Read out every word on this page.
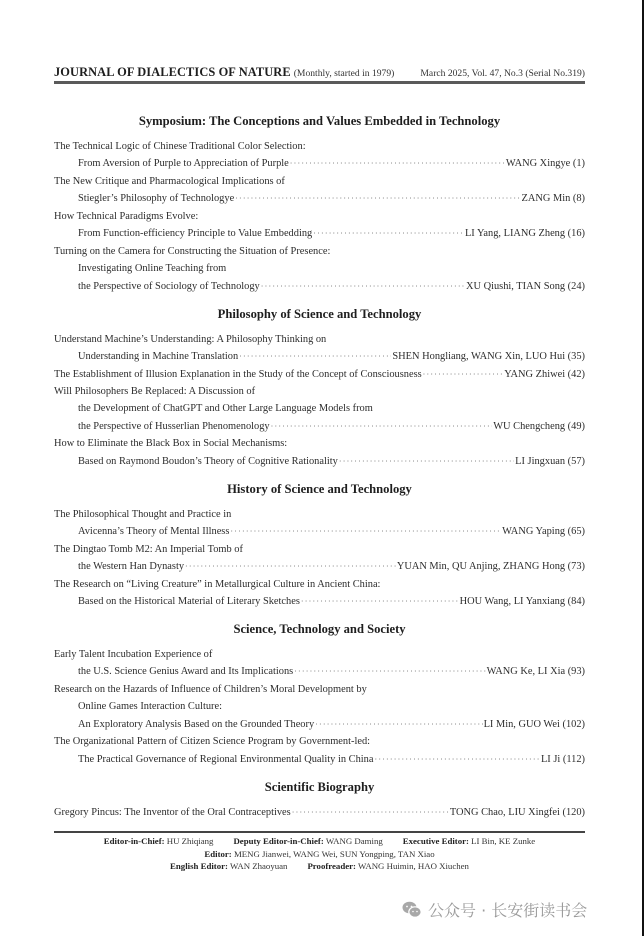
JOURNAL OF DIALECTICS OF NATURE (Monthly, started in 1979)	March 2025, Vol. 47, No.3 (Serial No.319)
Symposium: The Conceptions and Values Embedded in Technology
The Technical Logic of Chinese Traditional Color Selection:
From Aversion of Purple to Appreciation of Purple ·····	WANG Xingye (1)
The New Critique and Pharmacological Implications of
Stiegler’s Philosophy of Technologye ·····	ZANG Min (8)
How Technical Paradigms Evolve:
From Function-efficiency Principle to Value Embedding ·····	LI Yang, LIANG Zheng (16)
Turning on the Camera for Constructing the Situation of Presence:
Investigating Online Teaching from
the Perspective of Sociology of Technology ·····	XU Qiushi, TIAN Song (24)
Philosophy of Science and Technology
Understand Machine’s Understanding: A Philosophy Thinking on
Understanding in Machine Translation ·····	SHEN Hongliang, WANG Xin, LUO Hui (35)
The Establishment of Illusion Explanation in the Study of the Concept of Consciousness ·····	YANG Zhiwei (42)
Will Philosophers Be Replaced: A Discussion of
the Development of ChatGPT and Other Large Language Models from
the Perspective of Husserlian Phenomenology ·····	WU Chengcheng (49)
How to Eliminate the Black Box in Social Mechanisms:
Based on Raymond Boudon’s Theory of Cognitive Rationality ·····	LI Jingxuan (57)
History of Science and Technology
The Philosophical Thought and Practice in
Avicenna’s Theory of Mental Illness ·····	WANG Yaping (65)
The Dingtao Tomb M2: An Imperial Tomb of
the Western Han Dynasty ·····	YUAN Min, QU Anjing, ZHANG Hong (73)
The Research on “Living Creature” in Metallurgical Culture in Ancient China:
Based on the Historical Material of Literary Sketches ·····	HOU Wang, LI Yanxiang (84)
Science, Technology and Society
Early Talent Incubation Experience of
the U.S. Science Genius Award and Its Implications ·····	WANG Ke, LI Xia (93)
Research on the Hazards of Influence of Children’s Moral Development by
Online Games Interaction Culture:
An Exploratory Analysis Based on the Grounded Theory ·····	LI Min, GUO Wei (102)
The Organizational Pattern of Citizen Science Program by Government-led:
The Practical Governance of Regional Environmental Quality in China ·····	LI Ji (112)
Scientific Biography
Gregory Pincus: The Inventor of the Oral Contraceptives ·····	TONG Chao, LIU Xingfei (120)
Editor-in-Chief: HU Zhiqiang Deputy Editor-in-Chief: WANG Daming Executive Editor: LI Bin, KE Zunke
Editor: MENG Jianwei, WANG Wei, SUN Yongping, TAN Xiao
English Editor: WAN Zhaoyuan Proofreader: WANG Huimin, HAO Xiuchen
公众号 · 长安街读书会
